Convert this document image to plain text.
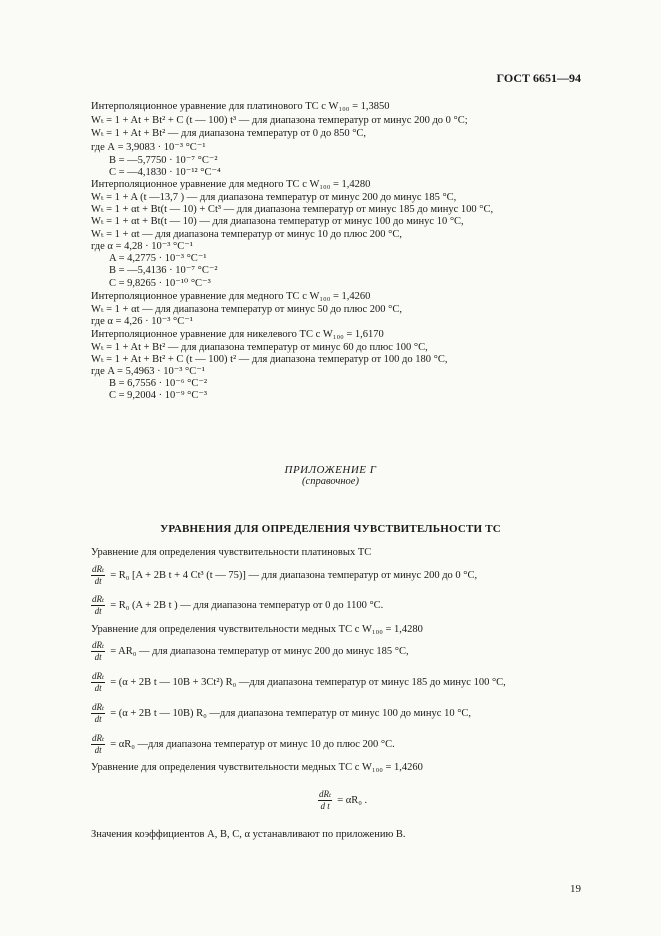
ГОСТ 6651—94
Интерполяционное уравнение для платинового ТС с W₁₀₀ = 1,3850
Wₜ = 1 + At + Bt² + C (t — 100) t³ — для диапазона температур от минус 200 до 0 °С;
Wₜ = 1 + At + Bt² — для диапазона температур от 0 до 850 °С,
где А = 3,9083 · 10⁻³ °С⁻¹
В = —5,7750 · 10⁻⁷ °С⁻²
С = —4,1830 · 10⁻¹² °С⁻⁴
Интерполяционное уравнение для медного ТС с W₁₀₀ = 1,4280
Wₜ = 1 + A (t —13,7 ) — для диапазона температур от минус 200 до минус 185 °С,
Wₜ = 1 + αt + Bt(t — 10) + Ct³ — для диапазона температур от минус 185 до минус 100 °С,
Wₜ = 1 + αt + Bt(t — 10) — для диапазона температур от минус 100 до минус 10 °С,
Wₜ = 1 + αt — для диапазона температур от минус 10 до плюс 200 °С,
где α = 4,28 · 10⁻³ °С⁻¹
A = 4,2775 · 10⁻³ °С⁻¹
B = —5,4136 · 10⁻⁷ °С⁻²
C = 9,8265 · 10⁻¹⁰ °С⁻³
Интерполяционное уравнение для медного ТС с W₁₀₀ = 1,4260
Wₜ = 1 + αt — для диапазона температур от минус 50 до плюс 200 °С,
где α = 4,26 · 10⁻³ °С⁻¹
Интерполяционное уравнение для никелевого ТС с W₁₀₀ = 1,6170
Wₜ = 1 + At + Bt² — для диапазона температур от минус 60 до плюс 100 °С,
Wₜ = 1 + At + Bt² + C (t — 100) t² — для диапазона температур от 100 до 180 °С,
где A = 5,4963 · 10⁻³ °С⁻¹
B = 6,7556 · 10⁻⁶ °С⁻²
C = 9,2004 · 10⁻⁹ °С⁻³
ПРИЛОЖЕНИЕ Г
(справочное)
УРАВНЕНИЯ ДЛЯ ОПРЕДЕЛЕНИЯ ЧУВСТВИТЕЛЬНОСТИ ТС
Уравнение для определения чувствительности платиновых ТС
$\frac{\text{dRₜ}}{dt} = R_0$ [A + 2B t + 4 Ct³ (t — 75)] — для диапазона температур от минус 200 до 0 °С,
$\frac{\text{dRₜ}}{dt} = R_0$ (A + 2B t ) — для диапазона температур от 0 до 1100 °С.
Уравнение для определения чувствительности медных ТС с W₁₀₀ = 1,4280
$\frac{\text{dRₜ}}{dt} = AR_0$ — для диапазона температур от минус 200 до минус 185 °С,
$\frac{\text{dRₜ}}{dt} = (\alpha + 2B$ t — 10B + 3Ct²) R₀ —для диапазона температур от минус 185 до минус 100 °С,
$\frac{\text{dRₜ}}{dt} = (\alpha + 2B$ t — 10B) R₀ —для диапазона температур от минус 100 до минус 10 °С,
$\frac{\text{dRₜ}}{dt} = \alpha R_0$ —для диапазона температур от минус 10 до плюс 200 °С.
Уравнение для определения чувствительности медных ТС с W₁₀₀ = 1,4260
$\frac{\text{dRₜ}}{\text{d t}} = \alpha R_0$ .
Значения коэффициентов А, В, С, α устанавливают по приложению В.
19
